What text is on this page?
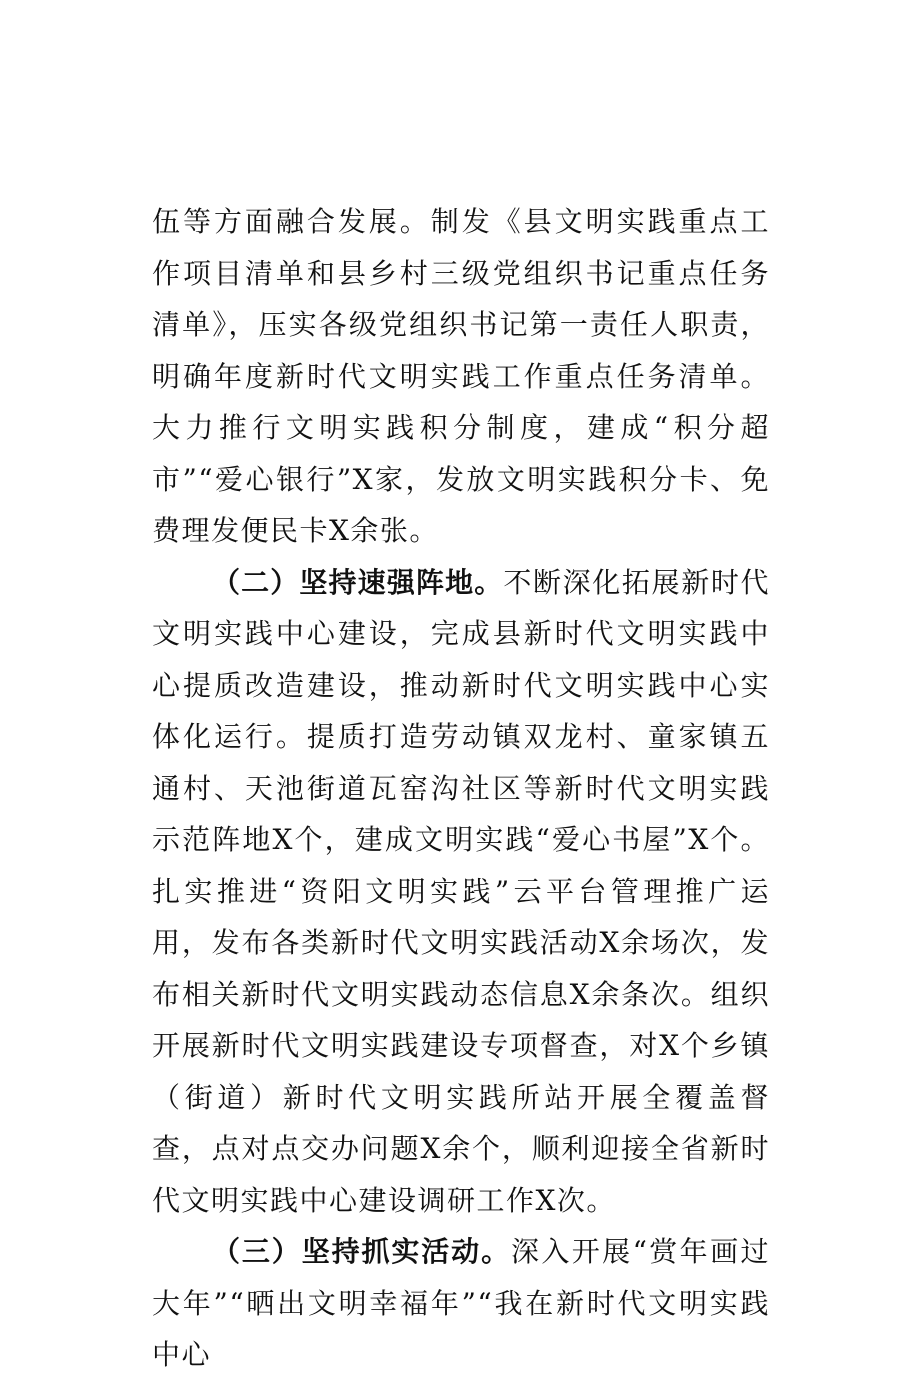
伍等方面融合发展。制发《县文明实践重点工作项目清单和县乡村三级党组织书记重点任务清单》，压实各级党组织书记第一责任人职责，明确年度新时代文明实践工作重点任务清单。大力推行文明实践积分制度，建成“积分超市”“爱心银行”X家，发放文明实践积分卡、免费理发便民卡X余张。

（二）坚持速强阵地。不断深化拓展新时代文明实践中心建设，完成县新时代文明实践中心提质改造建设，推动新时代文明实践中心实体化运行。提质打造劳动镇双龙村、童家镇五通村、天池街道瓦窑沟社区等新时代文明实践示范阵地X个，建成文明实践“爱心书屋”X个。扎实推进“资阳文明实践”云平台管理推广运用，发布各类新时代文明实践活动X余场次，发布相关新时代文明实践动态信息X余条次。组织开展新时代文明实践建设专项督查，对X个乡镇（街道）新时代文明实践所站开展全覆盖督查，点对点交办问题X余个，顺利迎接全省新时代文明实践中心建设调研工作X次。

（三）坚持抓实活动。深入开展“赏年画过大年”“晒出文明幸福年”“我在新时代文明实践中心
